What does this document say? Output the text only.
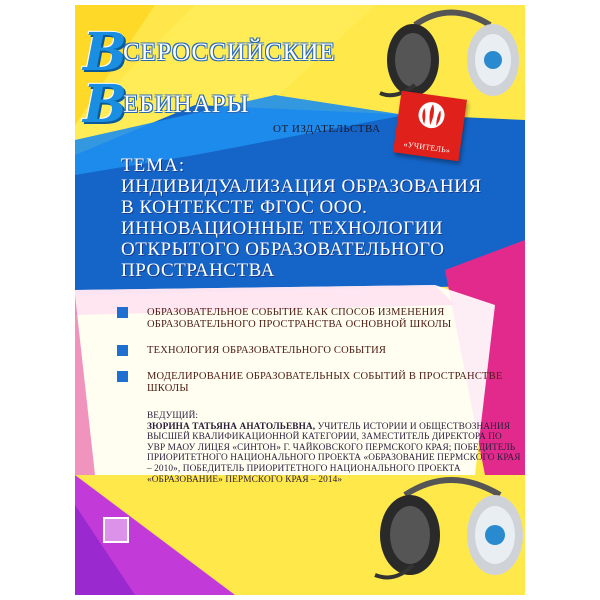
В
СЕРОССИЙСКИЕ
В
ЕБИНАРЫ
ОТ ИЗДАТЕЛЬСТВА
«УЧИТЕЛЬ»
ТЕМА:
ИНДИВИДУАЛИЗАЦИЯ ОБРАЗОВАНИЯ
В КОНТЕКСТЕ ФГОС ООО.
ИННОВАЦИОННЫЕ ТЕХНОЛОГИИ
ОТКРЫТОГО ОБРАЗОВАТЕЛЬНОГО
ПРОСТРАНСТВА
ОБРАЗОВАТЕЛЬНОЕ СОБЫТИЕ КАК СПОСОБ ИЗМЕНЕНИЯ ОБРАЗОВАТЕЛЬНОГО ПРОСТРАНСТВА ОСНОВНОЙ ШКОЛЫ
ТЕХНОЛОГИЯ ОБРАЗОВАТЕЛЬНОГО СОБЫТИЯ
МОДЕЛИРОВАНИЕ ОБРАЗОВАТЕЛЬНЫХ СОБЫТИЙ В ПРОСТРАНСТВЕ ШКОЛЫ
ВЕДУЩИЙ:
ЗЮРИНА ТАТЬЯНА АНАТОЛЬЕВНА, УЧИТЕЛЬ ИСТОРИИ И ОБЩЕСТВОЗНАНИЯ ВЫСШЕЙ КВАЛИФИКАЦИОННОЙ КАТЕГОРИИ, ЗАМЕСТИТЕЛЬ ДИРЕКТОРА ПО УВР МАОУ ЛИЦЕЯ «СИНТОН» Г. ЧАЙКОВСКОГО ПЕРМСКОГО КРАЯ; ПОБЕДИТЕЛЬ ПРИОРИТЕТНОГО НАЦИОНАЛЬНОГО ПРОЕКТА «ОБРАЗОВАНИЕ ПЕРМСКОГО КРАЯ – 2010», ПОБЕДИТЕЛЬ ПРИОРИТЕТНОГО НАЦИОНАЛЬНОГО ПРОЕКТА «ОБРАЗОВАНИЕ» ПЕРМСКОГО КРАЯ – 2014»
